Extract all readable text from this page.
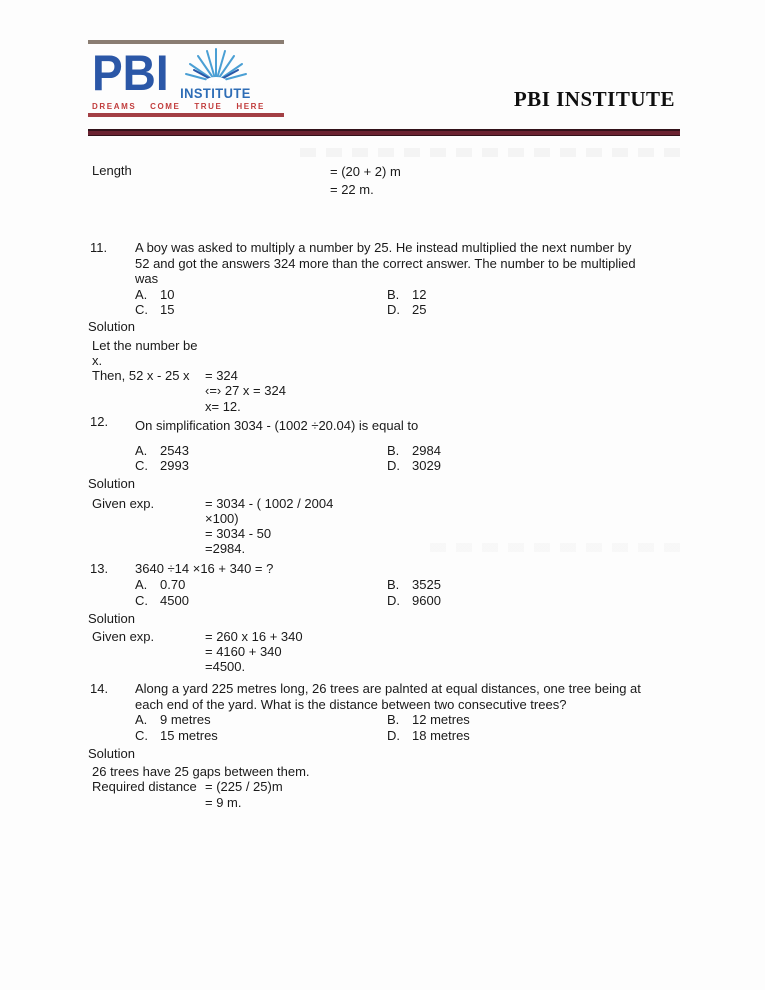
PBI INSTITUTE
DREAMS COME TRUE HERE	PBI INSTITUTE
Length	= (20 + 2) m
= 22 m.
11.	A boy was asked to multiply a number by 25. He instead multiplied the next number by
52 and got the answers 324 more than the correct answer. The number to be multiplied
was
A. 10	B. 12
C. 15	D. 25
Solution
Let the number be
x.
Then, 52 x - 25 x	= 324
‹=› 27 x = 324
x= 12.
12.	On simplification 3034 - (1002 ÷20.04) is equal to
A. 2543	B. 2984
C. 2993	D. 3029
Solution
Given exp.	= 3034 - ( 1002 / 2004
×100)
= 3034 - 50
=2984.
13.	3640 ÷14 ×16 + 340 = ?
A. 0.70	B. 3525
C. 4500	D. 9600
Solution
Given exp.	= 260 x 16 + 340
= 4160 + 340
=4500.
14.	Along a yard 225 metres long, 26 trees are palnted at equal distances, one tree being at
each end of the yard. What is the distance between two consecutive trees?
A. 9 metres	B. 12 metres
C. 15 metres	D. 18 metres
Solution
26 trees have 25 gaps between them.
Required distance = (225 / 25)m
= 9 m.
